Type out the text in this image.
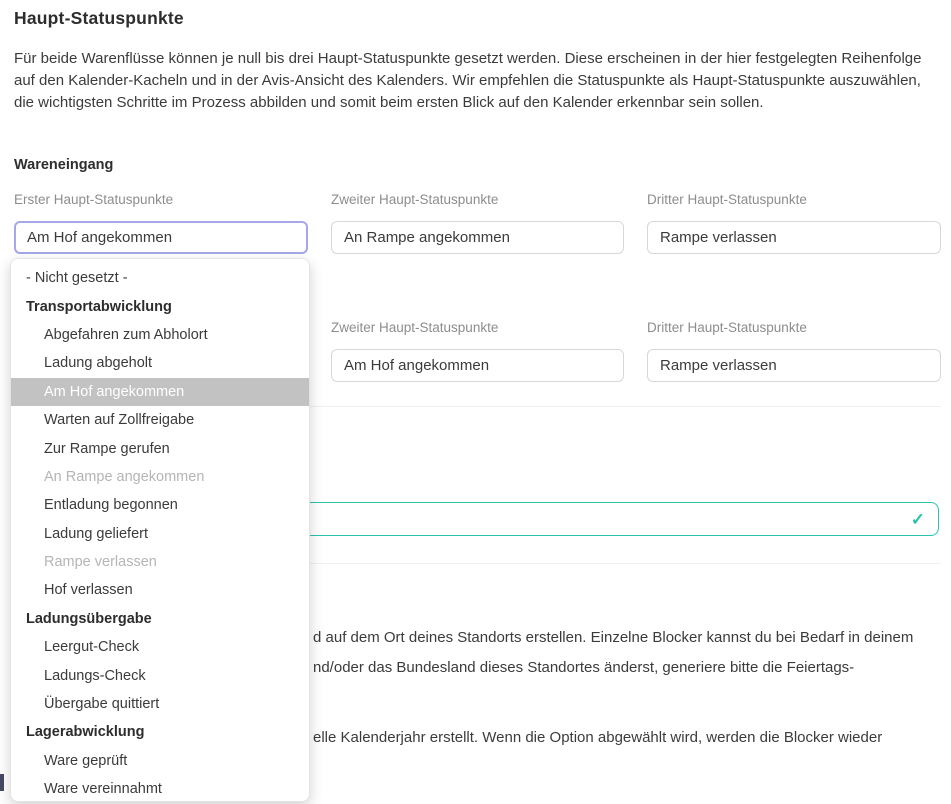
Haupt-Statuspunkte

Für beide Warenflüsse können je null bis drei Haupt-Statuspunkte gesetzt werden. Diese erscheinen in der hier festgelegten Reihenfolge auf den Kalender-Kacheln und in der Avis-Ansicht des Kalenders. Wir empfehlen die Statuspunkte als Haupt-Statuspunkte auszuwählen, die wichtigsten Schritte im Prozess abbilden und somit beim ersten Blick auf den Kalender erkennbar sein sollen.

Wareneingang
✓
d auf dem Ort deines Standorts erstellen. Einzelne Blocker kannst du bei Bedarf in deinem
nd/oder das Bundesland dieses Standortes änderst, generiere bitte die Feiertags-
elle Kalenderjahr erstellt. Wenn die Option abgewählt wird, werden die Blocker wieder
Erster Haupt-Statuspunkte
Am Hof angekommen
Zweiter Haupt-Statuspunkte
An Rampe angekommen
Dritter Haupt-Statuspunkte
Rampe verlassen
Zweiter Haupt-Statuspunkte
Am Hof angekommen
Dritter Haupt-Statuspunkte
Rampe verlassen
- Nicht gesetzt -
Transportabwicklung
Abgefahren zum Abholort
Ladung abgeholt
Am Hof angekommen
Warten auf Zollfreigabe
Zur Rampe gerufen
An Rampe angekommen
Entladung begonnen
Ladung geliefert
Rampe verlassen
Hof verlassen
Ladungsübergabe
Leergut-Check
Ladungs-Check
Übergabe quittiert
Lagerabwicklung
Ware geprüft
Ware vereinnahmt
